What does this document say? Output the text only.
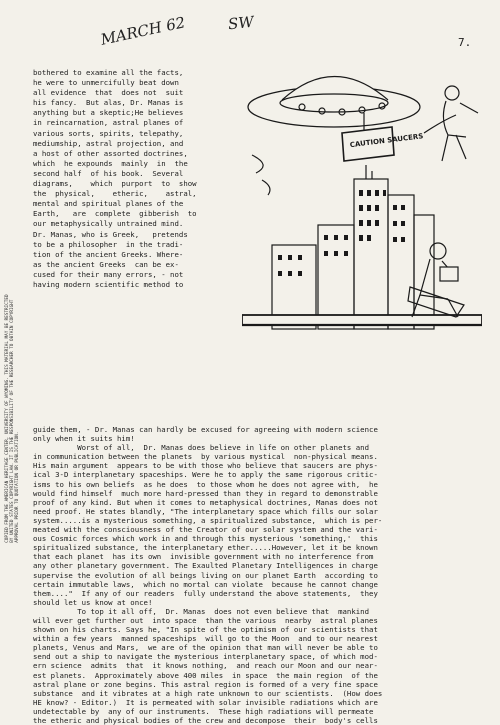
MARCH 62	SW
7.
COPIED FROM THE AMERICAN HERITAGE CENTER, UNIVERSITY OF WYOMING. THIS MATERIAL MAY BE RESTRICTED BY UNITED STATES COPYRIGHT LAW. IT IS THE RESPONSIBILITY OF THE RESEARCHER TO OBTAIN COPYRIGHT APPROVAL PRIOR TO QUOTATION OR PUBLICATION.

bothered to examine all the facts,

he were to unmercifully beat down

all evidence  that  does not  suit

his fancy.  But alas, Dr. Manas is

anything but a skeptic;He believes

in reincarnation, astral planes of

various sorts, spirits, telepathy,

mediumship, astral projection, and

a host of other assorted doctrines,

which  he expounds  mainly  in  the

second half  of his book.  Several

diagrams,    which  purport  to  show

the  physical,    etheric,    astral,

mental and spiritual planes of the

Earth,   are  complete  gibberish  to

our metaphysically untrained mind.

Dr. Manas, who is Greek,   pretends

to be a philosopher  in the tradi-

tion of the ancient Greeks. Where-

as the ancient Greeks  can be ex-

cused for their many errors, - not

having modern scientific method to

CAUTION SAUCERS

guide them, - Dr. Manas can hardly be excused for agreeing with modern science

only when it suits him!

Worst of all,  Dr. Manas does believe in life on other planets and

in communication between the planets  by various mystical  non-physical means.

His main argument  appears to be with those who believe that saucers are phys-

ical 3-D interplanetary spaceships. Were he to apply the same rigorous critic-

isms to his own beliefs  as he does  to those whom he does not agree with,  he

would find himself  much more hard-pressed than they in regard to demonstrable

proof of any kind. But when it comes to metaphysical doctrines, Manas does not

need proof. He states blandly, "The interplanetary space which fills our solar

system.....is a mysterious something, a spiritualized substance,  which is per-

meated with the consciousness of the Creator of our solar system and the vari-

ous Cosmic forces which work in and through this mysterious 'something,'  this

spiritualized substance, the interplanetary ether.....However, let it be known

that each planet  has its own  invisible government with no interference from

any other planetary government. The Exaulted Planetary Intelligences in charge

supervise the evolution of all beings living on our planet Earth  according to

certain immutable laws,  which no mortal can violate  because he cannot change

them...."  If any of our readers  fully understand the above statements,  they

should let us know at once!

To top it all off,  Dr. Manas  does not even believe that  mankind

will ever get further out  into space  than the various  nearby  astral planes

shown on his charts. Says he, "In spite of the optimism of our scientists that

within a few years  manned spaceships  will go to the Moon  and to our nearest

planets, Venus and Mars,  we are of the opinion that man will never be able to

send out a ship to navigate the mysterious interplanetary space, of which mod-

ern science  admits  that  it knows nothing,  and reach our Moon and our near-

est planets.  Approximately above 400 miles  in space  the main region  of the

astral plane or zone begins. This astral region is formed of a very fine space

substance  and it vibrates at a high rate unknown to our scientists.  (How does

HE know? - Editor.)  It is permeated with solar invisible radiations which are

undetectable by  any of our instruments.  These high radiations will permeate

the etheric and physical bodies of the crew and decompose  their  body's cells
